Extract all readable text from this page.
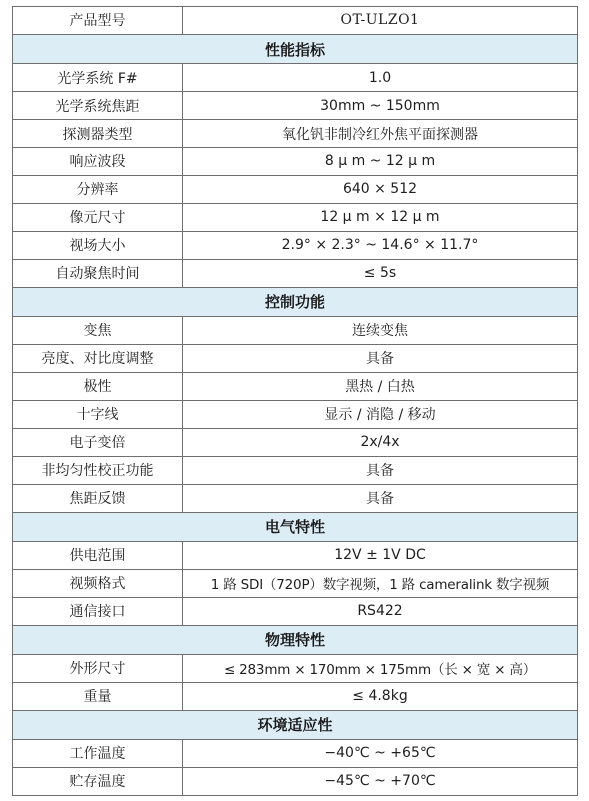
产品型号	OT-ULZO1
性能指标	
光学系统 F#	1.0
光学系统焦距	30mm ~ 150mm
探测器类型	氧化钒非制冷红外焦平面探测器
响应波段	8 μ m ~ 12 μ m
分辨率	640 × 512
像元尺寸	12 μ m × 12 μ m
视场大小	2.9° × 2.3° ~ 14.6° × 11.7°
自动聚焦时间	≤ 5s
控制功能	
变焦	连续变焦
亮度、对比度调整	具备
极性	黑热 / 白热
十字线	显示 / 消隐 / 移动
电子变倍	2x/4x
非均匀性校正功能	具备
焦距反馈	具备
电气特性	
供电范围	12V ± 1V DC
视频格式	1 路 SDI（720P）数字视频，1 路 cameralink 数字视频
通信接口	RS422
物理特性	
外形尺寸	≤ 283mm × 170mm × 175mm（长 × 宽 × 高）
重量	≤ 4.8kg
环境适应性	
工作温度	−40℃ ~ +65℃
贮存温度	−45℃ ~ +70℃
